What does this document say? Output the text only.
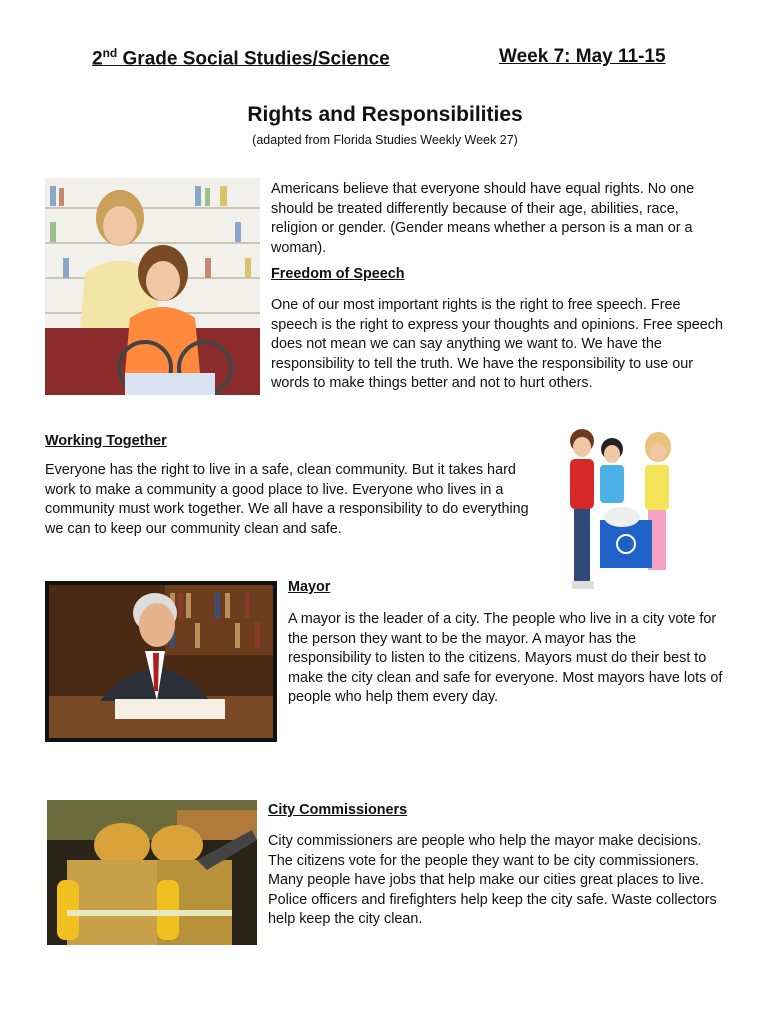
2nd Grade Social Studies/Science	Week 7: May 11-15
Rights and Responsibilities
(adapted from Florida Studies Weekly Week 27)
Americans believe that everyone should have equal rights. No one should be treated differently because of their age, abilities, race, religion or gender. (Gender means whether a person is a man or a woman).
Freedom of Speech
One of our most important rights is the right to free speech. Free speech is the right to express your thoughts and opinions. Free speech does not mean we can say anything we want to. We have the responsibility to tell the truth. We have the responsibility to use our words to make things better and not to hurt others.
Working Together
Everyone has the right to live in a safe, clean community. But it takes hard work to make a community a good place to live. Everyone who lives in a community must work together. We all have a responsibility to do everything we can to keep our community clean and safe.
Mayor
A mayor is the leader of a city. The people who live in a city vote for the person they want to be the mayor. A mayor has the responsibility to listen to the citizens. Mayors must do their best to make the city clean and safe for everyone. Most mayors have lots of people who help them every day.
City Commissioners
City commissioners are people who help the mayor make decisions. The citizens vote for the people they want to be city commissioners. Many people have jobs that help make our cities great places to live. Police officers and firefighters help keep the city safe. Waste collectors help keep the city clean.
